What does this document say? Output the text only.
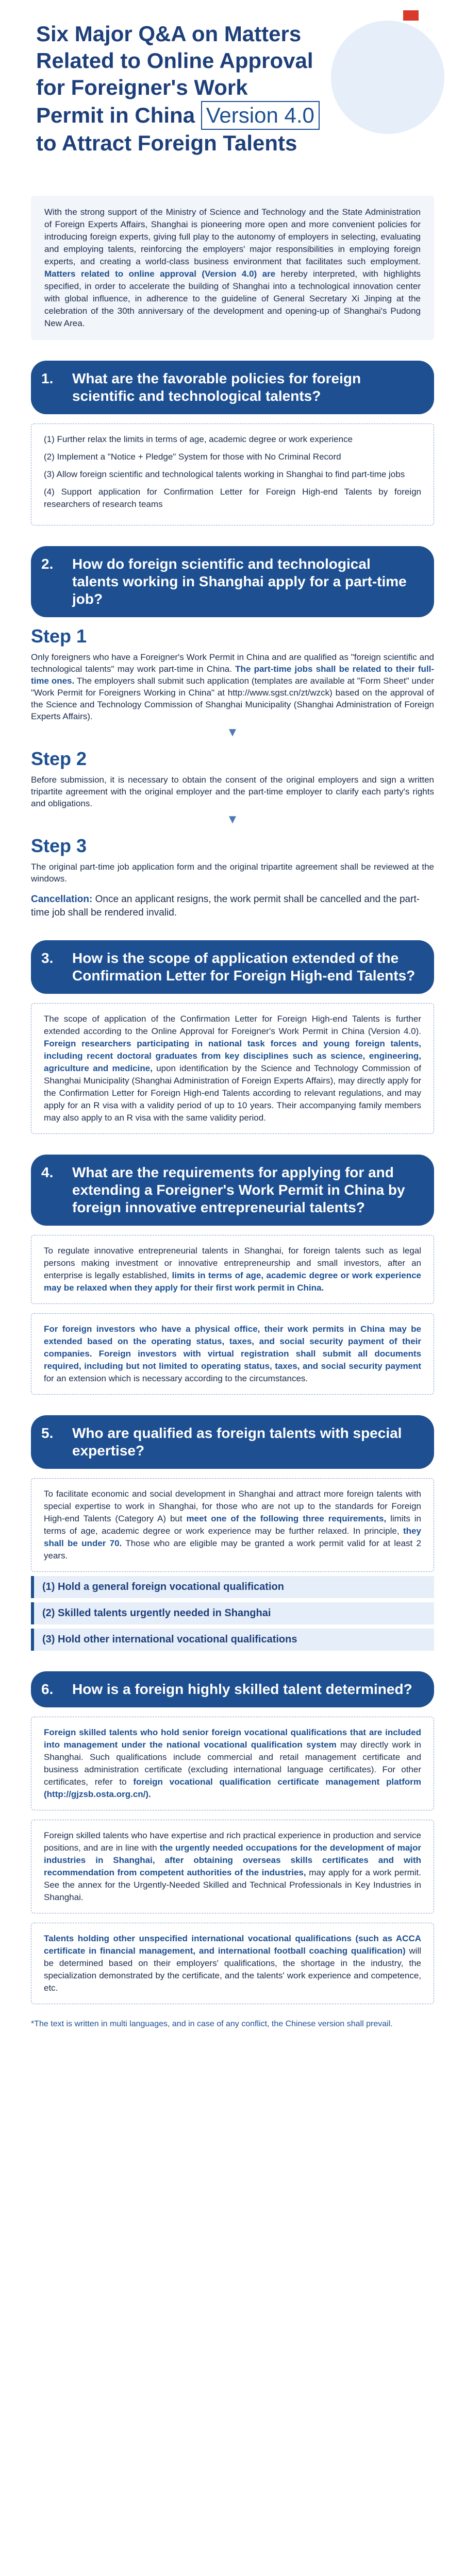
Six Major Q&A on Matters
Related to Online Approval
for Foreigner's Work
Permit in China Version 4.0
to Attract Foreign Talents
With the strong support of the Ministry of Science and Technology and the State Administration of Foreign Experts Affairs, Shanghai is pioneering more open and more convenient policies for introducing foreign experts, giving full play to the autonomy of employers in selecting, evaluating and employing talents, reinforcing the employers' major responsibilities in employing foreign experts, and creating a world-class business environment that facilitates such employment. Matters related to online approval (Version 4.0) are hereby interpreted, with highlights specified, in order to accelerate the building of Shanghai into a technological innovation center with global influence, in adherence to the guideline of General Secretary Xi Jinping at the celebration of the 30th anniversary of the development and opening-up of Shanghai's Pudong New Area.
1. What are the favorable policies for foreign scientific and technological talents?

(1) Further relax the limits in terms of age, academic degree or work experience

(2) Implement a "Notice + Pledge" System for those with No Criminal Record

(3) Allow foreign scientific and technological talents working in Shanghai to find part-time jobs

(4) Support application for Confirmation Letter for Foreign High-end Talents by foreign researchers of research teams

2. How do foreign scientific and technological talents working in Shanghai apply for a part-time job?
Step 1
Only foreigners who have a Foreigner's Work Permit in China and are qualified as "foreign scientific and technological talents" may work part-time in China. The part-time jobs shall be related to their full-time ones. The employers shall submit such application (templates are available at "Form Sheet" under "Work Permit for Foreigners Working in China" at http://www.sgst.cn/zt/wzck) based on the approval of the Science and Technology Commission of Shanghai Municipality (Shanghai Administration of Foreign Experts Affairs).
▼
Step 2
Before submission, it is necessary to obtain the consent of the original employers and sign a written tripartite agreement with the original employer and the part-time employer to clarify each party's rights and obligations.
▼
Step 3
The original part-time job application form and the original tripartite agreement shall be reviewed at the windows.
Cancellation: Once an applicant resigns, the work permit shall be cancelled and the part-time job shall be rendered invalid.
3. How is the scope of application extended of the Confirmation Letter for Foreign High-end Talents?
The scope of application of the Confirmation Letter for Foreign High-end Talents is further extended according to the Online Approval for Foreigner's Work Permit in China (Version 4.0). Foreign researchers participating in national task forces and young foreign talents, including recent doctoral graduates from key disciplines such as science, engineering, agriculture and medicine, upon identification by the Science and Technology Commission of Shanghai Municipality (Shanghai Administration of Foreign Experts Affairs), may directly apply for the Confirmation Letter for Foreign High-end Talents according to relevant regulations, and may apply for an R visa with a validity period of up to 10 years. Their accompanying family members may also apply to an R visa with the same validity period.
4. What are the requirements for applying for and extending a Foreigner's Work Permit in China by foreign innovative entrepreneurial talents?
To regulate innovative entrepreneurial talents in Shanghai, for foreign talents such as legal persons making investment or innovative entrepreneurship and small investors, after an enterprise is legally established, limits in terms of age, academic degree or work experience may be relaxed when they apply for their first work permit in China.
For foreign investors who have a physical office, their work permits in China may be extended based on the operating status, taxes, and social security payment of their companies. Foreign investors with virtual registration shall submit all documents required, including but not limited to operating status, taxes, and social security payment for an extension which is necessary according to the circumstances.
5. Who are qualified as foreign talents with special expertise?
To facilitate economic and social development in Shanghai and attract more foreign talents with special expertise to work in Shanghai, for those who are not up to the standards for Foreign High-end Talents (Category A) but meet one of the following three requirements, limits in terms of age, academic degree or work experience may be further relaxed. In principle, they shall be under 70. Those who are eligible may be granted a work permit valid for at least 2 years.
(1) Hold a general foreign vocational qualification
(2) Skilled talents urgently needed in Shanghai
(3) Hold other international vocational qualifications
6. How is a foreign highly skilled talent determined?
Foreign skilled talents who hold senior foreign vocational qualifications that are included into management under the national vocational qualification system may directly work in Shanghai. Such qualifications include commercial and retail management certificate and business administration certificate (excluding international language certificates). For other certificates, refer to foreign vocational qualification certificate management platform (http://gjzsb.osta.org.cn/).
Foreign skilled talents who have expertise and rich practical experience in production and service positions, and are in line with the urgently needed occupations for the development of major industries in Shanghai, after obtaining overseas skills certificates and with recommendation from competent authorities of the industries, may apply for a work permit. See the annex for the Urgently-Needed Skilled and Technical Professionals in Key Industries in Shanghai.
Talents holding other unspecified international vocational qualifications (such as ACCA certificate in financial management, and international football coaching qualification) will be determined based on their employers' qualifications, the shortage in the industry, the specialization demonstrated by the certificate, and the talents' work experience and competence, etc.
*The text is written in multi languages, and in case of any conflict, the Chinese version shall prevail.
